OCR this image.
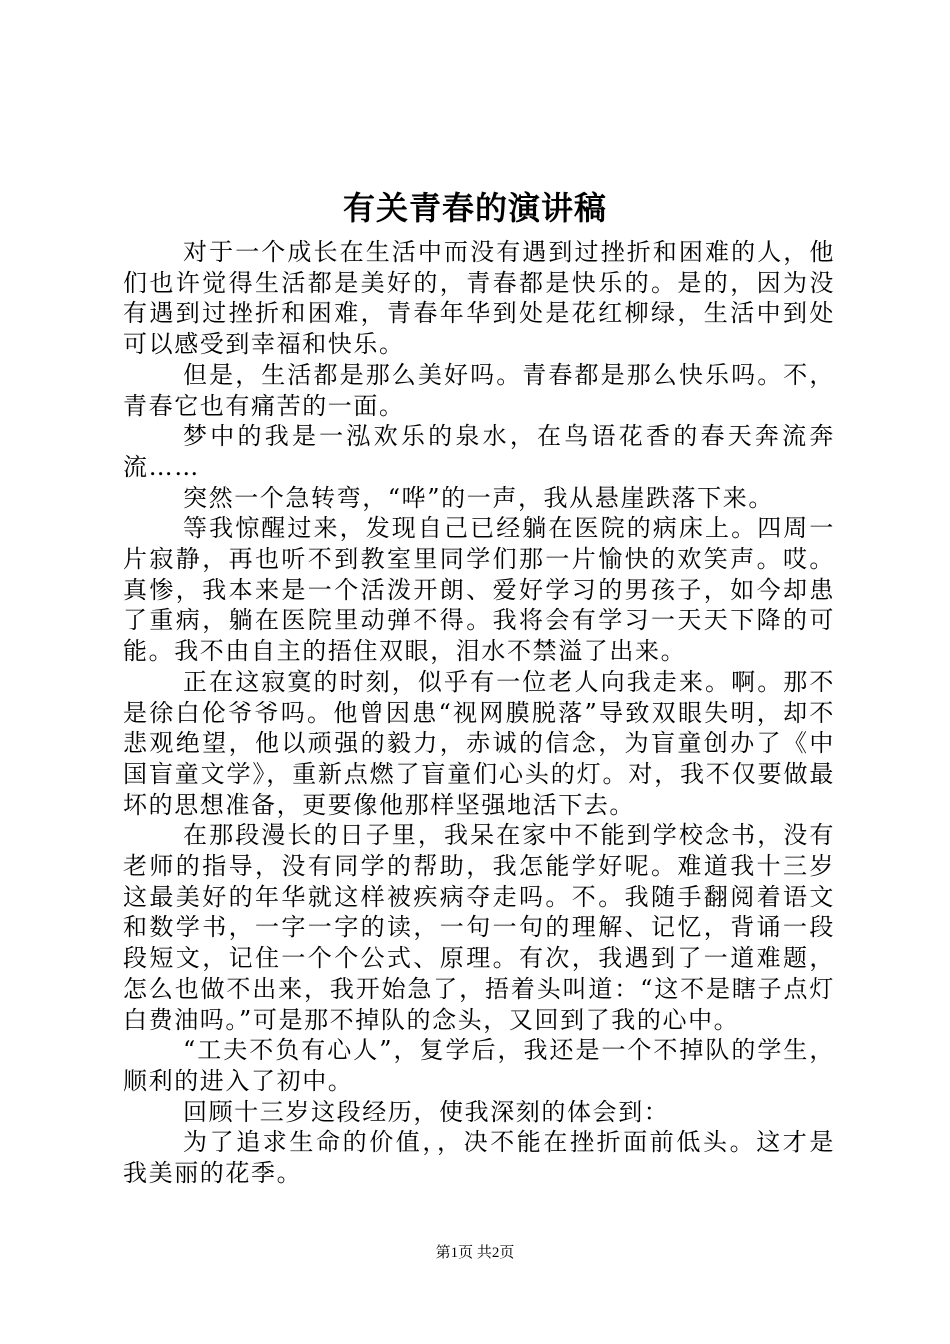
有关青春的演讲稿

对于一个成长在生活中而没有遇到过挫折和困难的人，他们也许觉得生活都是美好的，青春都是快乐的。是的，因为没有遇到过挫折和困难，青春年华到处是花红柳绿，生活中到处可以感受到幸福和快乐。

但是，生活都是那么美好吗。青春都是那么快乐吗。不，青春它也有痛苦的一面。

梦中的我是一泓欢乐的泉水，在鸟语花香的春天奔流奔流……

突然一个急转弯，“哗”的一声，我从悬崖跌落下来。

等我惊醒过来，发现自己已经躺在医院的病床上。四周一片寂静，再也听不到教室里同学们那一片愉快的欢笑声。哎。真惨，我本来是一个活泼开朗、爱好学习的男孩子，如今却患了重病，躺在医院里动弹不得。我将会有学习一天天下降的可能。我不由自主的捂住双眼，泪水不禁溢了出来。

正在这寂寞的时刻，似乎有一位老人向我走来。啊。那不是徐白伦爷爷吗。他曾因患“视网膜脱落”导致双眼失明，却不悲观绝望，他以顽强的毅力，赤诚的信念，为盲童创办了《中国盲童文学》，重新点燃了盲童们心头的灯。对，我不仅要做最坏的思想准备，更要像他那样坚强地活下去。

在那段漫长的日子里，我呆在家中不能到学校念书，没有老师的指导，没有同学的帮助，我怎能学好呢。难道我十三岁这最美好的年华就这样被疾病夺走吗。不。我随手翻阅着语文和数学书，一字一字的读，一句一句的理解、记忆，背诵一段段短文，记住一个个公式、原理。有次，我遇到了一道难题，怎么也做不出来，我开始急了，捂着头叫道：“这不是瞎子点灯白费油吗。”可是那不掉队的念头，又回到了我的心中。

“工夫不负有心人”，复学后，我还是一个不掉队的学生，顺利的进入了初中。

回顾十三岁这段经历，使我深刻的体会到：

为了追求生命的价值，，决不能在挫折面前低头。这才是我美丽的花季。

第1页 共2页
